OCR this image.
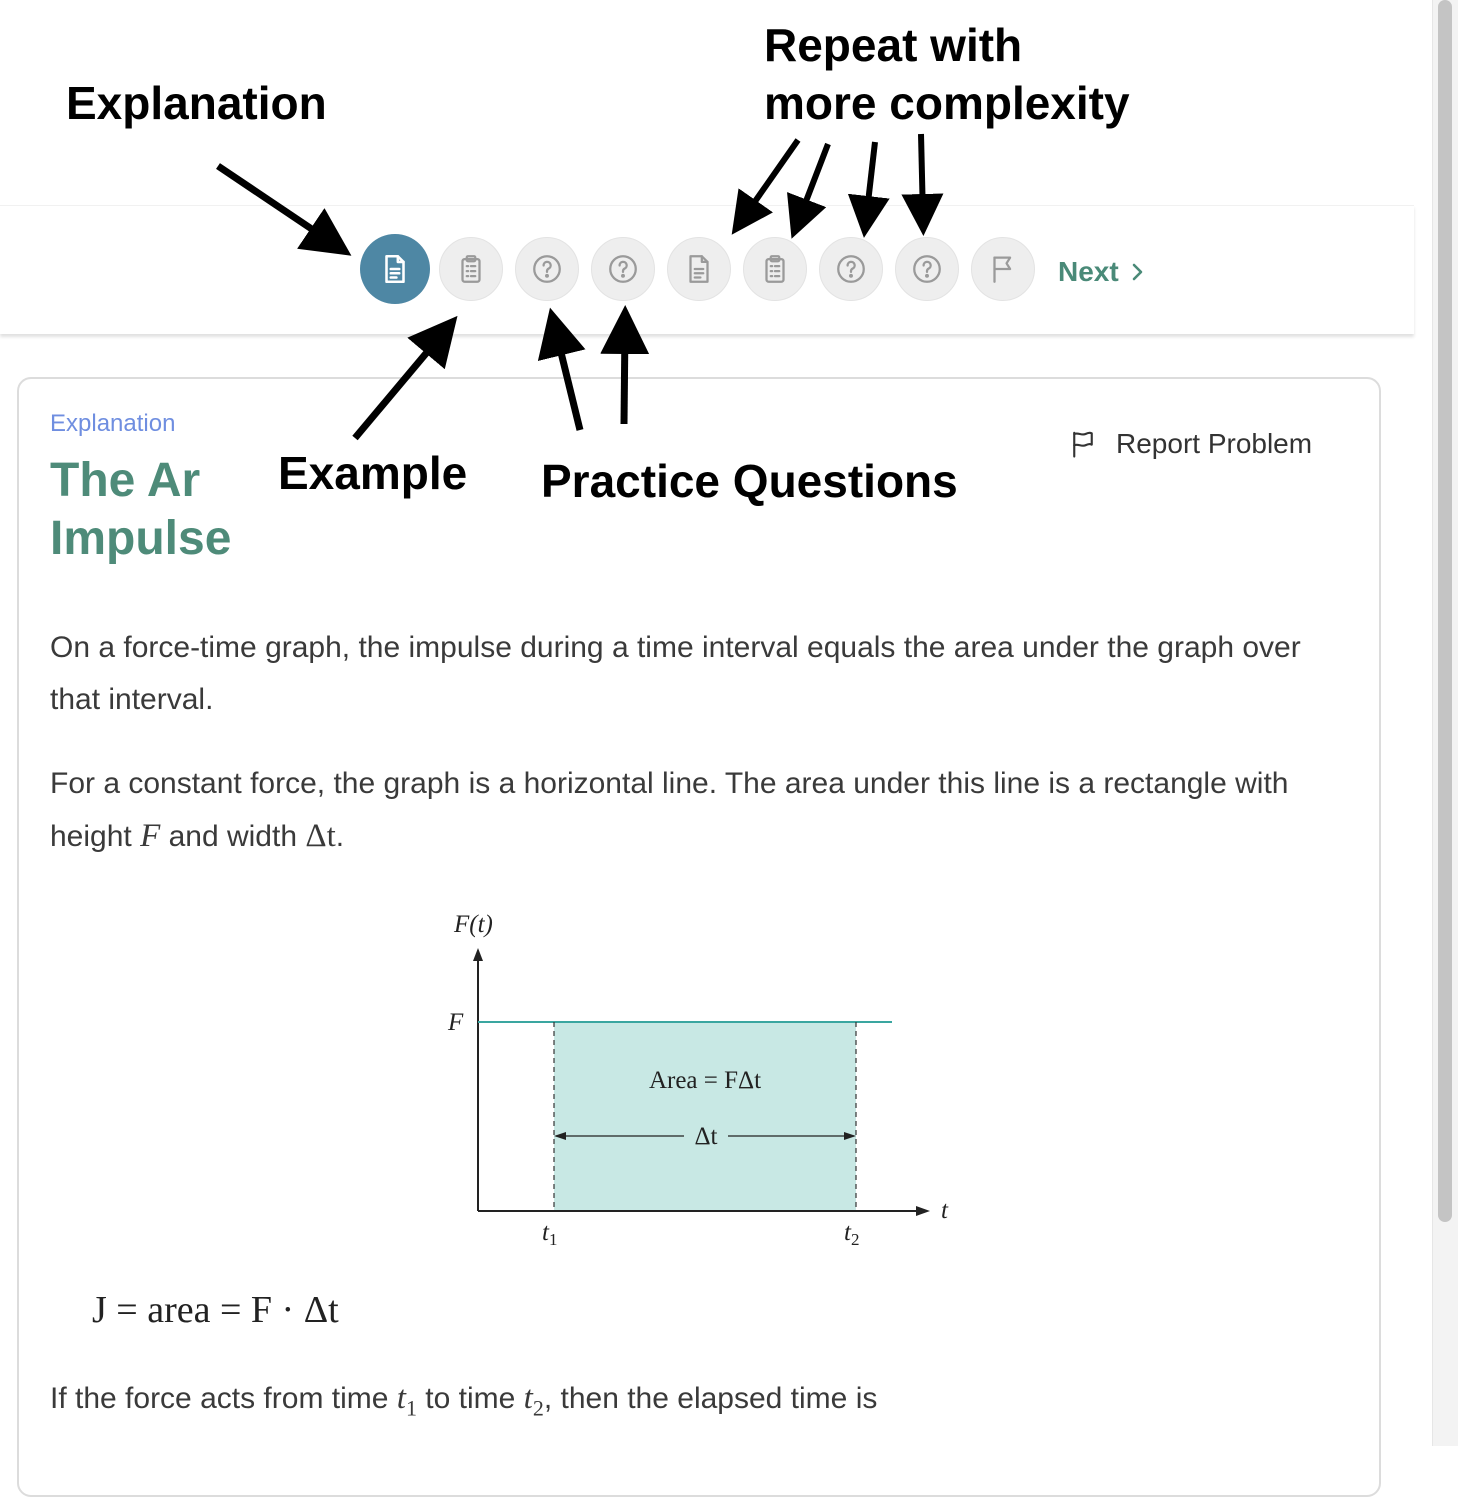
Next
Explanation
The Ar
Impulse
Report Problem
On a force-time graph, the impulse during a time interval equals the area under the graph over that interval.
For a constant force, the graph is a horizontal line. The area under this line is a rectangle with height F and width Δt.
F(t)
t
F
Area = FΔt
Δt
$t_1$	$t_2$
J = area = F · Δt
If the force acts from time $t_1$ to time $t_2$, then the elapsed time is
Explanation
Repeat with
more complexity
Example Practice Questions
